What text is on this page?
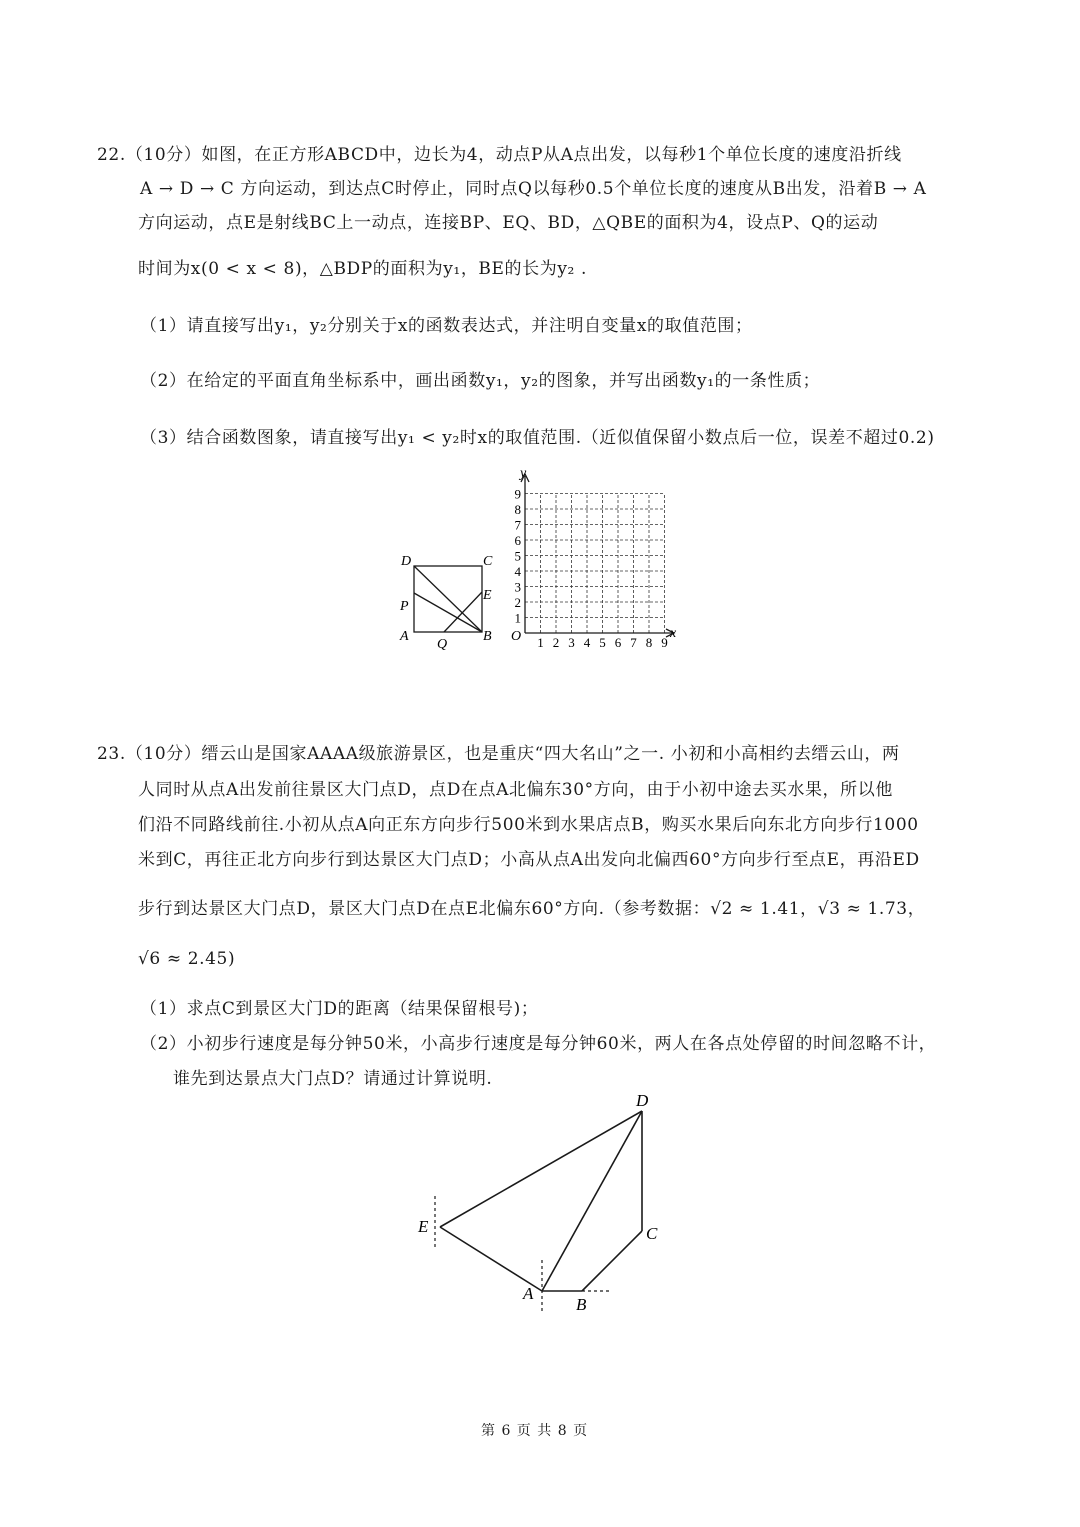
22.（10分）如图，在正方形ABCD中，边长为4，动点P从A点出发，以每秒1个单位长度的速度沿折线
A → D → C 方向运动，到达点C时停止，同时点Q以每秒0.5个单位长度的速度从B出发，沿着B → A
方向运动，点E是射线BC上一动点，连接BP、EQ、BD，△QBE的面积为4，设点P、Q的运动
时间为x(0 < x < 8)，△BDP的面积为y₁，BE的长为y₂ .
（1）请直接写出y₁，y₂分别关于x的函数表达式，并注明自变量x的取值范围；
（2）在给定的平面直角坐标系中，画出函数y₁，y₂的图象，并写出函数y₁的一条性质；
（3）结合函数图象，请直接写出y₁ < y₂时x的取值范围.（近似值保留小数点后一位，误差不超过0.2)
D	C
P
E
A
Q
B	1 2 3 4 5 6 7 8 9
1
2
3
4
5
6
7
8
9
y
x
O
23.（10分）缙云山是国家AAAA级旅游景区，也是重庆“四大名山”之一. 小初和小高相约去缙云山，两
人同时从点A出发前往景区大门点D，点D在点A北偏东30°方向，由于小初中途去买水果，所以他
们沿不同路线前往.小初从点A向正东方向步行500米到水果店点B，购买水果后向东北方向步行1000
米到C，再往正北方向步行到达景区大门点D；小高从点A出发向北偏西60°方向步行至点E，再沿ED
步行到达景区大门点D，景区大门点D在点E北偏东60°方向.（参考数据：√2 ≈ 1.41，√3 ≈ 1.73，
√6 ≈ 2.45)
（1）求点C到景区大门D的距离（结果保留根号)；
（2）小初步行速度是每分钟50米，小高步行速度是每分钟60米，两人在各点处停留的时间忽略不计，
谁先到达景点大门点D？请通过计算说明.
D
E	C
A
B
第 6 页 共 8 页
